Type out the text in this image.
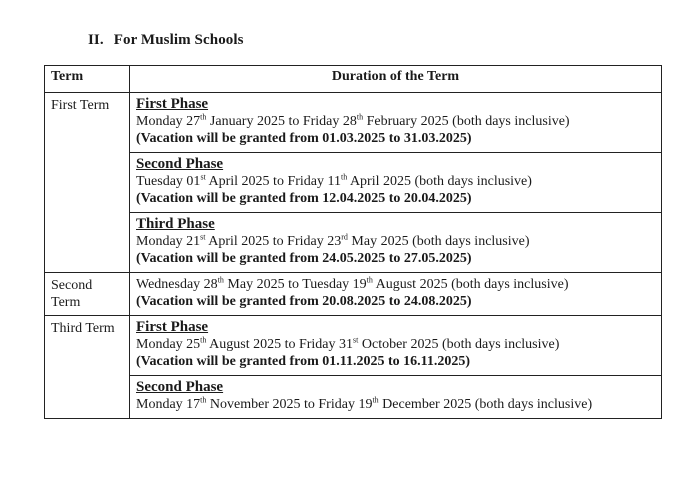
II. For Muslim Schools
Term	Duration of the Term
First Term	First Phase
Monday 27th January 2025 to Friday 28th February 2025 (both days inclusive)
(Vacation will be granted from 01.03.2025 to 31.03.2025)

	Second Phase
Tuesday 01st April 2025 to Friday 11th April 2025 (both days inclusive)
(Vacation will be granted from 12.04.2025 to 20.04.2025)

	Third Phase
Monday 21st April 2025 to Friday 23rd May 2025 (both days inclusive)
(Vacation will be granted from 24.05.2025 to 27.05.2025)

Second Term	Wednesday 28th May 2025 to Tuesday 19th August 2025 (both days inclusive)
(Vacation will be granted from 20.08.2025 to 24.08.2025)

Third Term	First Phase
Monday 25th August 2025 to Friday 31st October 2025 (both days inclusive)
(Vacation will be granted from 01.11.2025 to 16.11.2025)

	Second Phase
Monday 17th November 2025 to Friday 19th December 2025 (both days inclusive)
